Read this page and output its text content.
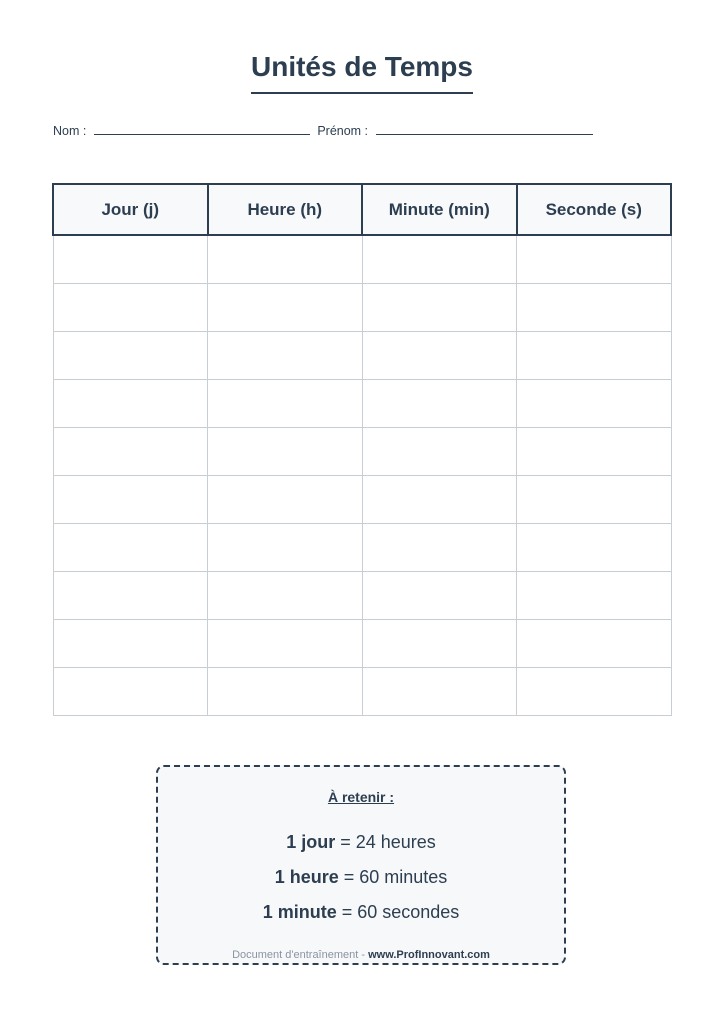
Unités de Temps
Nom :	Prénom :
Jour (j)	Heure (h)	Minute (min)	Seconde (s)

À retenir :
1 jour = 24 heures
1 heure = 60 minutes
1 minute = 60 secondes
Document d'entraînement - www.ProfInnovant.com
